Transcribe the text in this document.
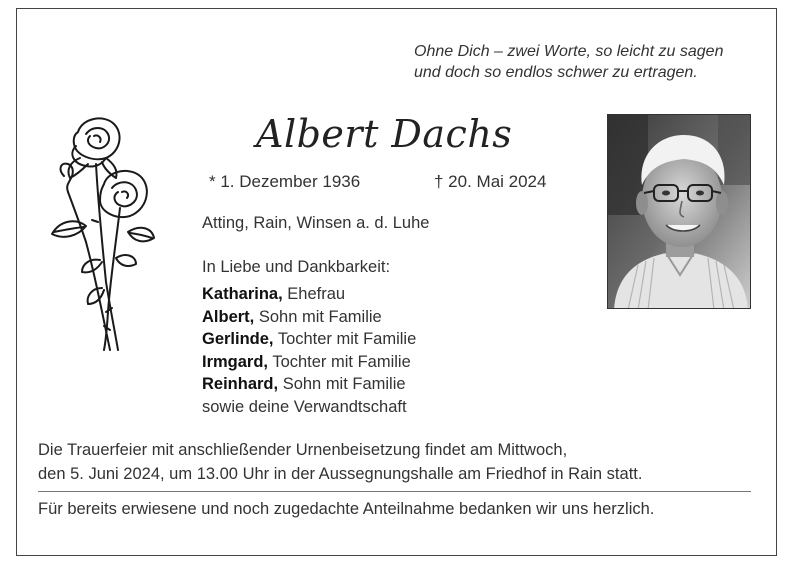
Ohne Dich – zwei Worte, so leicht zu sagen
und doch so endlos schwer zu ertragen.
Albert Dachs
* 1. Dezember 1936	† 20. Mai 2024
Atting, Rain, Winsen a. d. Luhe
In Liebe und Dankbarkeit:
Katharina, Ehefrau
Albert, Sohn mit Familie
Gerlinde, Tochter mit Familie
Irmgard, Tochter mit Familie
Reinhard, Sohn mit Familie
sowie deine Verwandtschaft
Die Trauerfeier mit anschließender Urnenbeisetzung findet am Mittwoch,
den 5. Juni 2024, um 13.00 Uhr in der Aussegnungshalle am Friedhof in Rain statt.
Für bereits erwiesene und noch zugedachte Anteilnahme bedanken wir uns herzlich.
